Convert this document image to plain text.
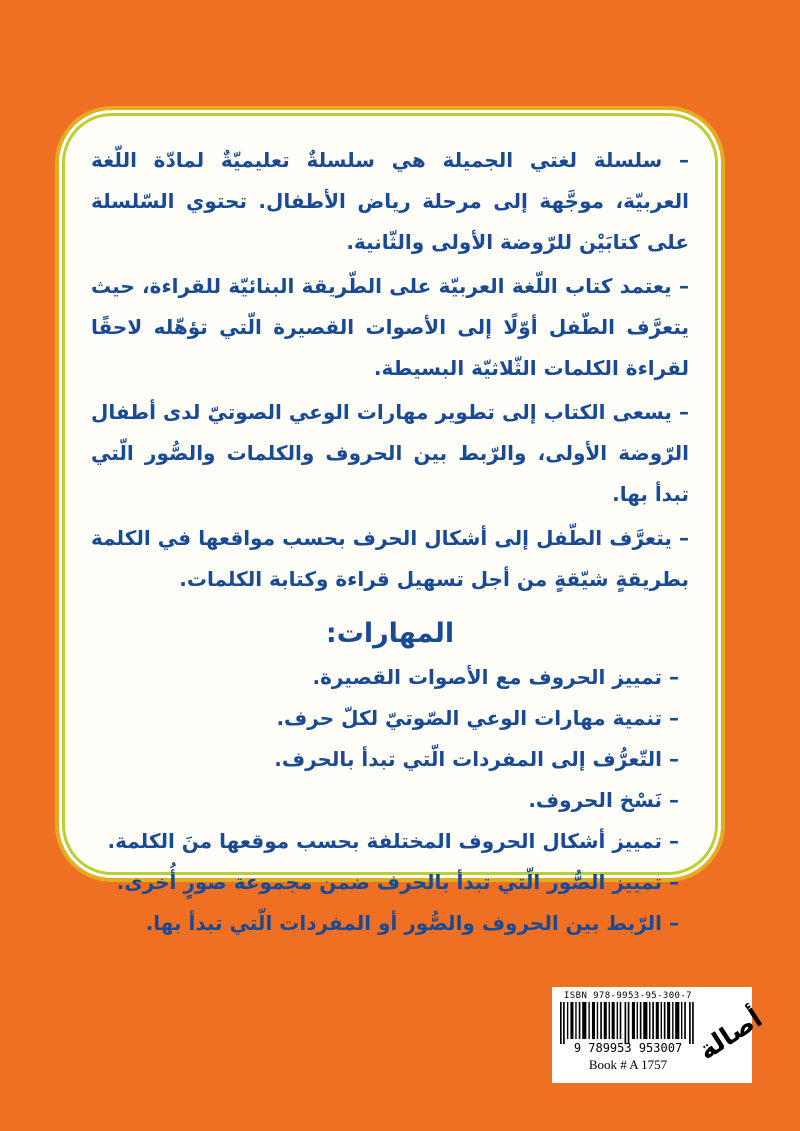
– سلسلة لغتي الجميلة هي سلسلةٌ تعليميّةٌ لمادّة اللّغة العربيّة، موجَّهة إلى مرحلة رياض الأطفال. تحتوي السّلسلة على كتابَيْن للرّوضة الأولى والثّانية.

– يعتمد كتاب اللّغة العربيّة على الطّريقة البنائيّة للقراءة، حيث يتعرَّف الطّفل أوّلًا إلى الأصوات القصيرة الّتي تؤهّله لاحقًا لقراءة الكلمات الثّلاثيّة البسيطة.

– يسعى الكتاب إلى تطوير مهارات الوعي الصوتيّ لدى أطفال الرّوضة الأولى، والرّبط بين الحروف والكلمات والصُّور الّتي تبدأ بها.

– يتعرَّف الطّفل إلى أشكال الحرف بحسب مواقعها في الكلمة بطريقةٍ شيّقةٍ من أجل تسهيل قراءة وكتابة الكلمات.

المهارات:
– تمييز الحروف مع الأصوات القصيرة.
– تنمية مهارات الوعي الصّوتيّ لكلّ حرف.
– التّعرُّف إلى المفردات الّتي تبدأ بالحرف.
– نَسْخ الحروف.
– تمييز أشكال الحروف المختلفة بحسب موقعها منَ الكلمة.
– تمييز الصُّور الّتي تبدأ بالحرف ضمن مجموعة صورٍ أُخرى.
– الرّبط بين الحروف والصُّور أو المفردات الّتي تبدأ بها.
ISBN 978-9953-95-300-7
9 789953 953007
Book # A 1757 أصالة
